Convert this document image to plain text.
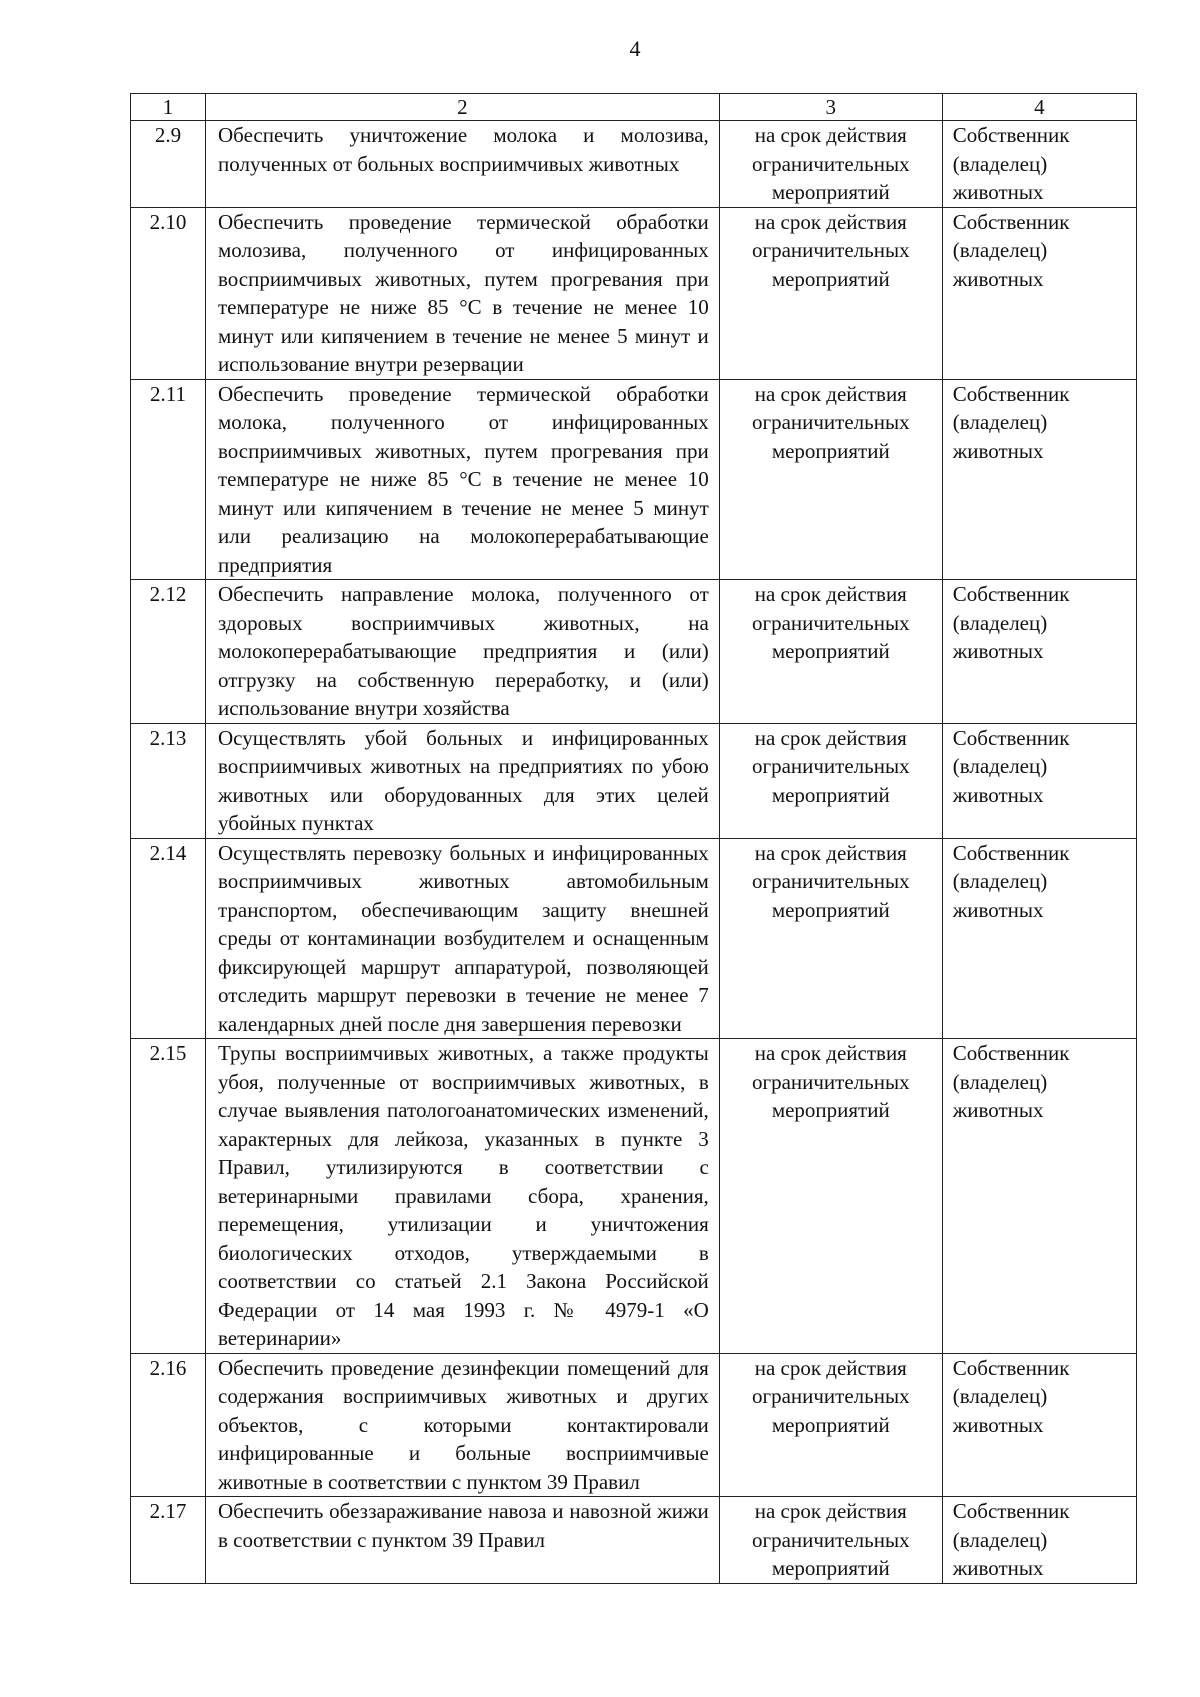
4
1	2	3	4
2.9	Обеспечить уничтожение молока и молозива, полученных от больных восприимчивых животных	на срок действия ограничительных мероприятий	Собственник (владелец) животных
2.10	Обеспечить проведение термической обработки молозива, полученного от инфицированных восприимчивых животных, путем прогревания при температуре не ниже 85 °С в течение не менее 10 минут или кипячением в течение не менее 5 минут и использование внутри резервации	на срок действия ограничительных мероприятий	Собственник (владелец) животных
2.11	Обеспечить проведение термической обработки молока, полученного от инфицированных восприимчивых животных, путем прогревания при температуре не ниже 85 °С в течение не менее 10 минут или кипячением в течение не менее 5 минут или реализацию на молокоперерабатывающие предприятия	на срок действия ограничительных мероприятий	Собственник (владелец) животных
2.12	Обеспечить направление молока, полученного от здоровых восприимчивых животных, на молокоперерабатывающие предприятия и (или) отгрузку на собственную переработку, и (или) использование внутри хозяйства	на срок действия ограничительных мероприятий	Собственник (владелец) животных
2.13	Осуществлять убой больных и инфицированных восприимчивых животных на предприятиях по убою животных или оборудованных для этих целей убойных пунктах	на срок действия ограничительных мероприятий	Собственник (владелец) животных
2.14	Осуществлять перевозку больных и инфицированных восприимчивых животных автомобильным транспортом, обеспечивающим защиту внешней среды от контаминации возбудителем и оснащенным фиксирующей маршрут аппаратурой, позволяющей отследить маршрут перевозки в течение не менее 7 календарных дней после дня завершения перевозки	на срок действия ограничительных мероприятий	Собственник (владелец) животных
2.15	Трупы восприимчивых животных, а также продукты убоя, полученные от восприимчивых животных, в случае выявления патологоанатомических изменений, характерных для лейкоза, указанных в пункте 3 Правил, утилизируются в соответствии с ветеринарными правилами сбора, хранения, перемещения, утилизации и уничтожения биологических отходов, утверждаемыми в соответствии со статьей 2.1 Закона Российской Федерации от 14 мая 1993 г. № 4979-1 «О ветеринарии»	на срок действия ограничительных мероприятий	Собственник (владелец) животных
2.16	Обеспечить проведение дезинфекции помещений для содержания восприимчивых животных и других объектов, с которыми контактировали инфицированные и больные восприимчивые животные в соответствии с пунктом 39 Правил	на срок действия ограничительных мероприятий	Собственник (владелец) животных
2.17	Обеспечить обеззараживание навоза и навозной жижи в соответствии с пунктом 39 Правил	на срок действия ограничительных мероприятий	Собственник (владелец) животных
